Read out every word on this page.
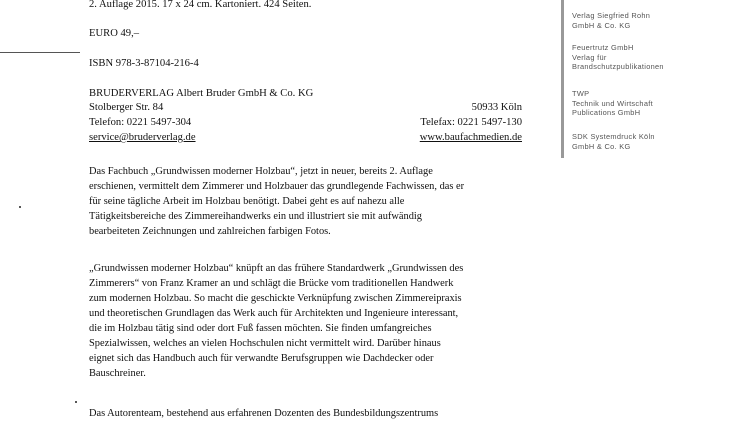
2. Auflage 2015. 17 x 24 cm. Kartoniert. 424 Seiten.
EURO 49,–
ISBN 978-3-87104-216-4
BRUDERVERLAG Albert Bruder GmbH & Co. KG
Stolberger Str. 84	50933 Köln
Telefon: 0221 5497-304	Telefax: 0221 5497-130
service@bruderverlag.de	www.baufachmedien.de
Das Fachbuch „Grundwissen moderner Holzbau“, jetzt in neuer, bereits 2. Auflage
erschienen, vermittelt dem Zimmerer und Holzbauer das grundlegende Fachwissen, das er
für seine tägliche Arbeit im Holzbau benötigt. Dabei geht es auf nahezu alle
Tätigkeitsbereiche des Zimmereihandwerks ein und illustriert sie mit aufwändig
bearbeiteten Zeichnungen und zahlreichen farbigen Fotos.
„Grundwissen moderner Holzbau“ knüpft an das frühere Standardwerk „Grundwissen des
Zimmerers“ von Franz Kramer an und schlägt die Brücke vom traditionellen Handwerk
zum modernen Holzbau. So macht die geschickte Verknüpfung zwischen Zimmereipraxis
und theoretischen Grundlagen das Werk auch für Architekten und Ingenieure interessant,
die im Holzbau tätig sind oder dort Fuß fassen möchten. Sie finden umfangreiches
Spezialwissen, welches an vielen Hochschulen nicht vermittelt wird. Darüber hinaus
eignet sich das Handbuch auch für verwandte Berufsgruppen wie Dachdecker oder
Bauschreiner.
Das Autorenteam, bestehend aus erfahrenen Dozenten des Bundesbildungszentrums
Verlag Siegfried Rohn
GmbH & Co. KG
Feuertrutz GmbH
Verlag für
Brandschutzpublikationen
TWP
Technik und Wirtschaft
Publications GmbH
SDK Systemdruck Köln
GmbH & Co. KG
